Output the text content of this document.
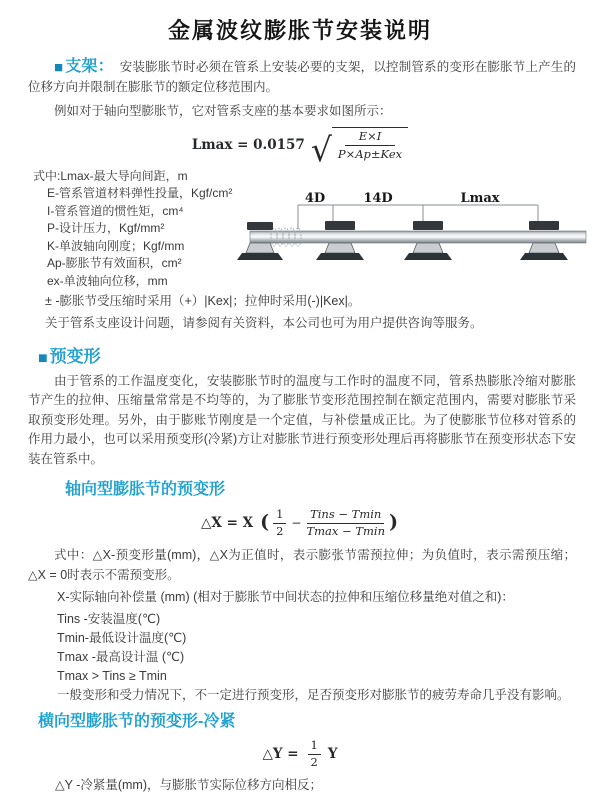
金属波纹膨胀节安装说明

■ 支架： 安装膨胀节时必须在管系上安装必要的支架，以控制管系的变形在膨胀节上产生的位移方向并限制在膨胀节的额定位移范围内。

例如对于轴向型膨胀节，它对管系支座的基本要求如图所示：

Lmax = 0.0157 √ $\frac{E\times I}{\text{P×Ap±Kex}}$
式中:Lmax-最大导向间距，m
E-管系管道材料弹性投量，Kgf/cm²
I-管系管道的惯性矩，cm⁴
P-设计压力，Kgf/mm²
K-单波轴向刚度；Kgf/mm
Ap-膨胀节有效面积，cm²
ex-单波轴向位移，mm
4D	14D	Lmax

± -膨胀节受压缩时采用（+）|Kex|；拉伸时采用(-)|Kex|。

关于管系支座设计问题，请参阅有关资料，本公司也可为用户提供咨询等服务。

■ 预变形

由于管系的工作温度变化，安装膨胀节时的温度与工作时的温度不同，管系热膨胀冷缩对膨胀节产生的拉伸、压缩量常常是不均等的，为了膨胀节变形范围控制在额定范围内，需要对膨胀节采取预变形处理。另外，由于膨账节刚度是一个定值，与补偿量成正比。为了使膨胀节位移对管系的作用力最小，也可以采用预变形(冷紧)方让对膨胀节进行预变形处理后再将膨胀节在预变形状态下安装在管系中。

轴向型膨胀节的预变形
△X = X ( $\frac{1}{2} - \frac{\text{Tins − Tmin}}{Tmax - Tmin}$ )

式中：△X-预变形量(mm)，△X为正值时，表示膨张节需预拉伸；为负值时，表示需预压缩；△X = 0时表示不需预变形。

X-实际轴向补偿量 (mm) (相对于膨胀节中间状态的拉伸和压缩位移量绝对值之和)：

Tins -安装温度(℃)
Tmin-最低设计温度(℃)
Tmax -最高设计温 (℃)
Tmax > Tins ≥ Tmin

一般变形和受力情况下，不一定进行预变形，足否预变形对膨胀节的疲劳寿命几乎没有影响。

横向型膨胀节的预变形-冷紧
△Y = $\frac{1}{2}$ Y

△Y -冷紧量(mm)，与膨胀节实际位移方向相反；
